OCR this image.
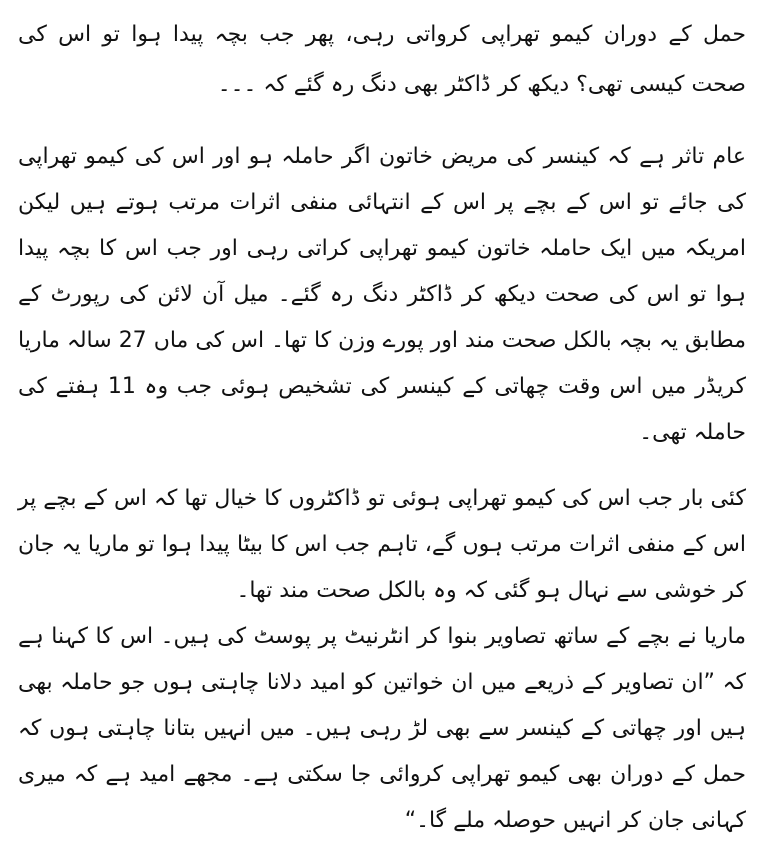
حمل کے دوران کیمو تھراپی کرواتی رہی، پھر جب بچہ پیدا ہوا تو اس کی صحت کیسی تھی؟ دیکھ کر ڈاکٹر بھی دنگ رہ گئے کہ ۔۔۔

عام تاثر ہے کہ کینسر کی مریض خاتون اگر حاملہ ہو اور اس کی کیمو تھراپی کی جائے تو اس کے بچے پر اس کے انتہائی منفی اثرات مرتب ہوتے ہیں لیکن امریکہ میں ایک حاملہ خاتون کیمو تھراپی کراتی رہی اور جب اس کا بچہ پیدا ہوا تو اس کی صحت دیکھ کر ڈاکٹر دنگ رہ گئے۔ میل آن لائن کی رپورٹ کے مطابق یہ بچہ بالکل صحت مند اور پورے وزن کا تھا۔ اس کی ماں 27 سالہ ماریا کریڈر میں اس وقت چھاتی کے کینسر کی تشخیص ہوئی جب وہ 11 ہفتے کی حاملہ تھی۔

کئی بار جب اس کی کیمو تھراپی ہوئی تو ڈاکٹروں کا خیال تھا کہ اس کے بچے پر اس کے منفی اثرات مرتب ہوں گے، تاہم جب اس کا بیٹا پیدا ہوا تو ماریا یہ جان کر خوشی سے نہال ہو گئی کہ وہ بالکل صحت مند تھا۔

ماریا نے بچے کے ساتھ تصاویر بنوا کر انٹرنیٹ پر پوسٹ کی ہیں۔ اس کا کہنا ہے کہ ”ان تصاویر کے ذریعے میں ان خواتین کو امید دلانا چاہتی ہوں جو حاملہ بھی ہیں اور چھاتی کے کینسر سے بھی لڑ رہی ہیں۔ میں انہیں بتانا چاہتی ہوں کہ حمل کے دوران بھی کیمو تھراپی کروائی جا سکتی ہے۔ مجھے امید ہے کہ میری کہانی جان کر انہیں حوصلہ ملے گا۔“
